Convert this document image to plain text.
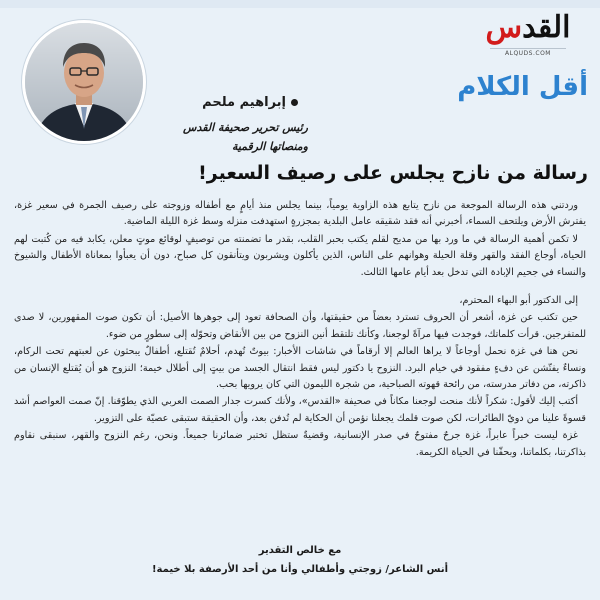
القدس
ALQUDS.COM
أقل الكلام
إبراهيم ملحم
رئيس تحرير صحيفة القدس
ومنصاتها الرقمية
رسالة من نازح يجلس على رصيف السعير!

وردتني هذه الرسالة الموجعة من نازح يتابع هذه الزاوية يومياً، بينما يجلس منذ أيامٍ مع أطفاله وزوجته على رصيف الجمرة في سعير غزة، يفترش الأرض ويلتحف السماء، أخبرني أنه فقد شقيقه عامل البلدية بمجزرةٍ استهدفت منزله وسط غزة الليلة الماضية.

لا تكمن أهمية الرسالة في ما ورد بها من مديح لقلم يكتب بحبر القلب، بقدر ما تضمنته من توصيفٍ لوقائع موتٍ معلن، يكابد فيه من كُتبت لهم الحياة، أوجاع الفقد والقهر وقلة الحيلة وهوانهم على الناس، الذين يأكلون ويشربون ويتأنقون كل صباح، دون أن يعبأوا بمعاناة الأطفال والشيوخ والنساء في جحيم الإبادة التي تدخل بعد أيام عامها الثالث.

إلى الدكتور أبو البهاء المحترم،

حين تكتب عن غزة، أشعر أن الحروف تسترد بعضاً من حقيقتها، وأن الصحافة تعود إلى جوهرها الأصيل: أن تكون صوت المقهورين، لا صدى للمتفرجين. قرأت كلماتك، فوجدت فيها مرآةً لوجعنا، وكأنك تلتقط أنين النزوح من بين الأنقاض وتحوّله إلى سطورٍ من ضوء.

نحن هنا في غزة نحمل أوجاعاً لا يراها العالم إلا أرقاماً في شاشات الأخبار: بيوتٌ تُهدم، أحلامٌ تُقتلع، أطفالٌ يبحثون عن لعبتهم تحت الركام، ونساءٌ يفتّشن عن دفءٍ مفقود في خيام البرد. النزوح يا دكتور ليس فقط انتقال الجسد من بيتٍ إلى أطلال خيمة؛ النزوح هو أن يُقتلع الإنسان من ذاكرته، من دفاتر مدرسته، من رائحة قهوته الصباحية، من شجرة الليمون التي كان يرويها بحب.

أكتب إليك لأقول: شكراً لأنك منحت لوجعنا مكاناً في صحيفة «القدس»، ولأنك كسرت جدار الصمت العربي الذي يطوّقنا. إنّ صمت العواصم أشد قسوةً علينا من دويّ الطائرات، لكن صوت قلمك يجعلنا نؤمن أن الحكاية لم تُدفن بعد، وأن الحقيقة ستبقى عصيّة على التزوير.

غزة ليست خبراً عابراً، غزة جرحٌ مفتوحٌ في صدر الإنسانية، وقضيةٌ ستظل تختبر ضمائرنا جميعاً. ونحن، رغم النزوح والقهر، سنبقى نقاوم بذاكرتنا، بكلماتنا، وبحقّنا في الحياة الكريمة.

مع خالص التقدير
أنس الشاعر/ زوجتي وأطفالي وأنا من أحد الأرصفة بلا خيمة!
